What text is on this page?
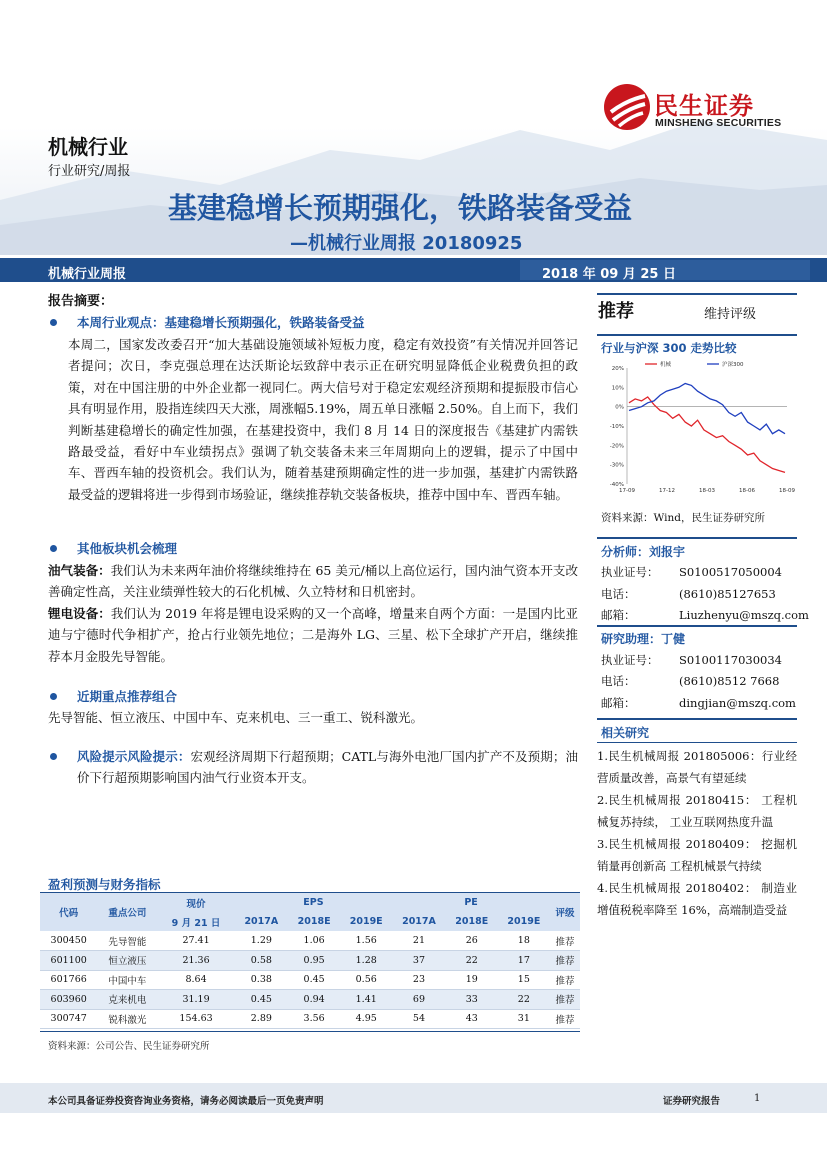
民生证券
MINSHENG SECURITIES
机械行业
行业研究/周报
基建稳增长预期强化，铁路装备受益
—机械行业周报 20180925
机械行业周报	2018 年 09 月 25 日
报告摘要：
本周行业观点：基建稳增长预期强化，铁路装备受益
本周二，国家发改委召开“加大基础设施领域补短板力度，稳定有效投资”有关情况并回答记者提问；次日，李克强总理在达沃斯论坛致辞中表示正在研究明显降低企业税费负担的政策，对在中国注册的中外企业都一视同仁。两大信号对于稳定宏观经济预期和提振股市信心具有明显作用，股指连续四天大涨，周涨幅5.19%，周五单日涨幅 2.50%。自上而下，我们判断基建稳增长的确定性加强，在基建投资中，我们 8 月 14 日的深度报告《基建扩内需铁路最受益，看好中车业绩拐点》强调了轨交装备未来三年周期向上的逻辑，提示了中国中车、晋西车轴的投资机会。我们认为，随着基建预期确定性的进一步加强，基建扩内需铁路最受益的逻辑将进一步得到市场验证，继续推荐轨交装备板块，推荐中国中车、晋西车轴。
其他板块机会梳理
油气装备：我们认为未来两年油价将继续维持在 65 美元/桶以上高位运行，国内油气资本开支改善确定性高，关注业绩弹性较大的石化机械、久立特材和日机密封。
锂电设备：我们认为 2019 年将是锂电设采购的又一个高峰，增量来自两个方面：一是国内比亚迪与宁德时代争相扩产，抢占行业领先地位；二是海外 LG、三星、松下全球扩产开启，继续推荐本月金股先导智能。
近期重点推荐组合
先导智能、恒立液压、中国中车、克来机电、三一重工、锐科激光。
风险提示风险提示：宏观经济周期下行超预期；CATL与海外电池厂国内扩产不及预期；油价下行超预期影响国内油气行业资本开支。
推荐	维持评级
行业与沪深 300 走势比较
20%
10%
0%
-10%
-20%
-30%
-40%
17-09	17-12	18-03	18-06	18-09
机械	沪深300
资料来源：Wind，民生证券研究所
分析师：刘报宇
执业证号： S0100517050004
电话：	(8610)85127653
邮箱：	Liuzhenyu@mszq.com
研究助理：丁健
执业证号： S0100117030034
电话：	(8610)8512 7668
邮箱：	dingjian@mszq.com
相关研究
1.民生机械周报 201805006：行业经营质量改善，高景气有望延续
2.民生机械周报 20180415： 工程机械复苏持续， 工业互联网热度升温
3.民生机械周报 20180409： 挖掘机销量再创新高 工程机械景气持续
4.民生机械周报 20180402： 制造业增值税税率降至 16%，高端制造受益
盈利预测与财务指标
代码	重点公司	现价	EPS			PE			评级
		9 月 21 日	2017A	2018E	2019E	2017A	2018E	2019E	
300450	先导智能	27.41	1.29	1.06	1.56	21	26	18	推荐
601100	恒立液压	21.36	0.58	0.95	1.28	37	22	17	推荐
601766	中国中车	8.64	0.38	0.45	0.56	23	19	15	推荐
603960	克来机电	31.19	0.45	0.94	1.41	69	33	22	推荐
300747	锐科激光	154.63	2.89	3.56	4.95	54	43	31	推荐
资料来源：公司公告、民生证券研究所
本公司具备证券投资咨询业务资格，请务必阅读最后一页免责声明	证券研究报告	1
